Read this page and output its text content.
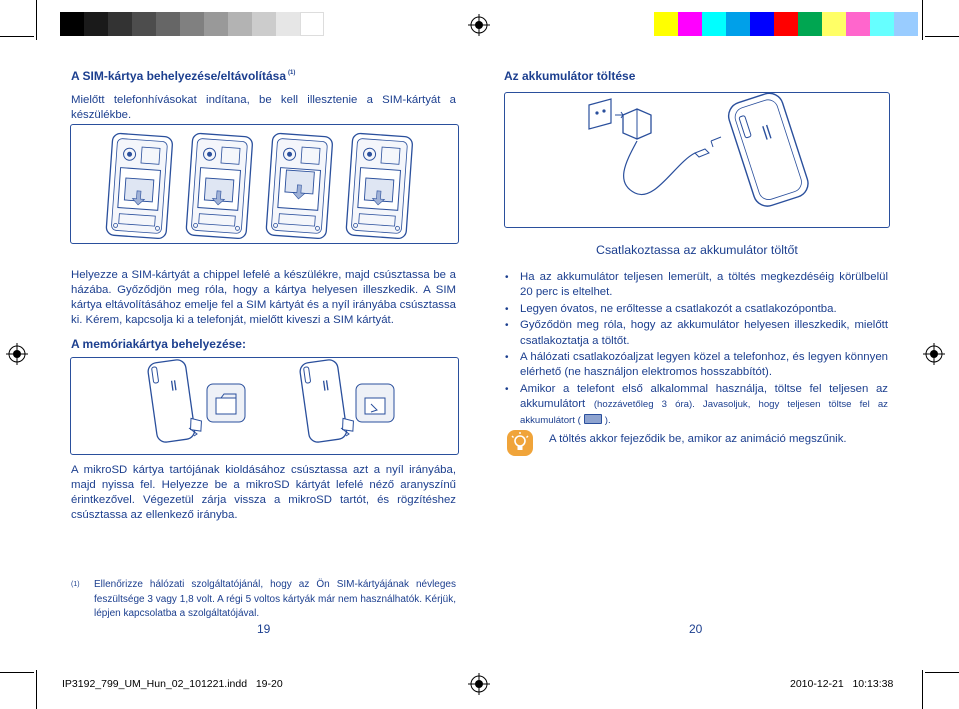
A SIM-kártya behelyezése/eltávolítása $^{(1)}$
Mielőtt telefonhívásokat indítana, be kell illesztenie a SIM-kártyát a készülékbe.
Helyezze a SIM-kártyát a chippel lefelé a készülékre, majd csúsztassa be a házába. Győződjön meg róla, hogy a kártya helyesen illeszkedik. A SIM kártya eltávolításához emelje fel a SIM kártyát és a nyíl irányába csúsztassa ki. Kérem, kapcsolja ki a telefonját, mielőtt kiveszi a SIM kártyát.
A memóriakártya behelyezése:
A mikroSD kártya tartójának kioldásához csúsztassa azt a nyíl irányába, majd nyissa fel. Helyezze be a mikroSD kártyát lefelé néző aranyszínű érintkezővel. Végezetül zárja vissza a mikroSD tartót, és rögzítéshez csúsztassa az ellenkező irányba.
(1) Ellenőrizze hálózati szolgáltatójánál, hogy az Ön SIM-kártyájának névleges feszültsége 3 vagy 1,8 volt. A régi 5 voltos kártyák már nem használhatók. Kérjük, lépjen kapcsolatba a szolgáltatójával.
19
Az akkumulátor töltése
Csatlakoztassa az akkumulátor töltőt
• Ha az akkumulátor teljesen lemerült, a töltés megkezdéséig körülbelül 20 perc is eltelhet.
• Legyen óvatos, ne erőltesse a csatlakozót a csatlakozópontba.
• Győződön meg róla, hogy az akkumulátor helyesen illeszkedik, mielőtt csatlakoztatja a töltőt.
• A hálózati csatlakozóaljzat legyen közel a telefonhoz, és legyen könnyen elérhető (ne használjon elektromos hosszabbítót).
• Amikor a telefont első alkalommal használja, töltse fel teljesen az akkumulátort (hozzávetőleg 3 óra). Javasoljuk, hogy teljesen töltse fel az akkumulátort (	).
A töltés akkor fejeződik be, amikor az animáció megszűnik.
20
IP3192_799_UM_Hun_02_101221.indd   19-20	2010-12-21   10:13:38
